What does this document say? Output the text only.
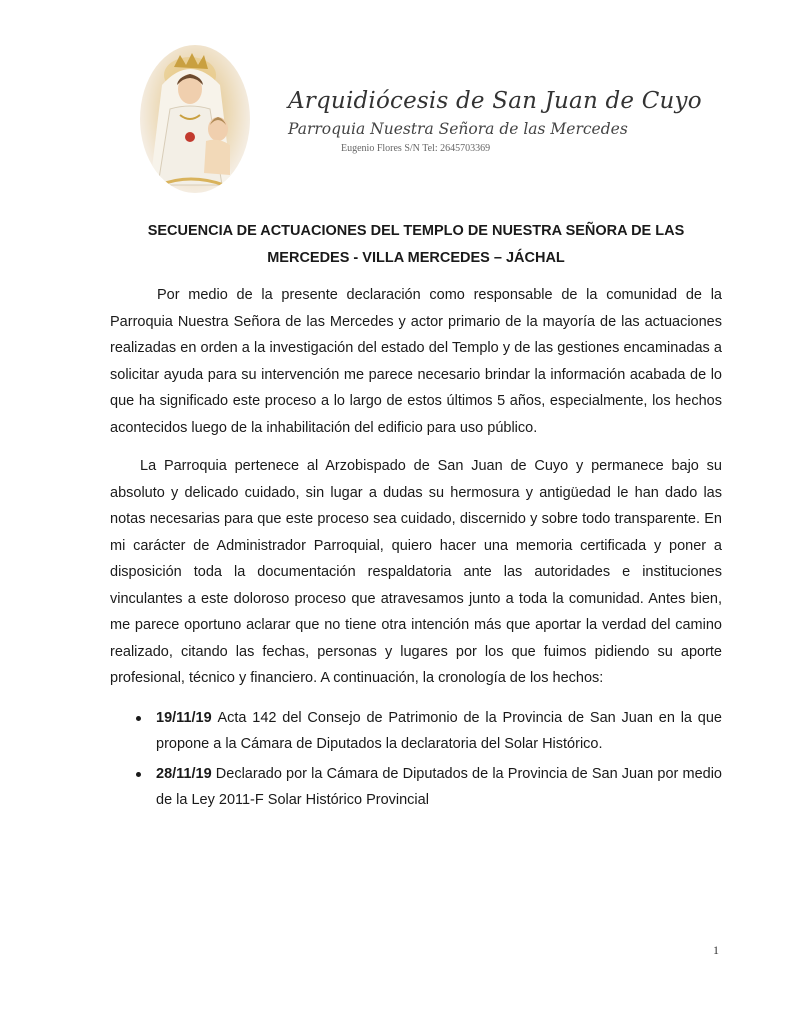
Arquidiócesis de San Juan de Cuyo
Parroquia Nuestra Señora de las Mercedes
Eugenio Flores S/N Tel: 2645703369
SECUENCIA DE ACTUACIONES DEL TEMPLO DE NUESTRA SEÑORA DE LAS MERCEDES - VILLA MERCEDES – JÁCHAL

Por medio de la presente declaración como responsable de la comunidad de la Parroquia Nuestra Señora de las Mercedes y actor primario de la mayoría de las actuaciones realizadas en orden a la investigación del estado del Templo y de las gestiones encaminadas a solicitar ayuda para su intervención me parece necesario brindar la información acabada de lo que ha significado este proceso a lo largo de estos últimos 5 años, especialmente, los hechos acontecidos luego de la inhabilitación del edificio para uso público.

La Parroquia pertenece al Arzobispado de San Juan de Cuyo y permanece bajo su absoluto y delicado cuidado, sin lugar a dudas su hermosura y antigüedad le han dado las notas necesarias para que este proceso sea cuidado, discernido y sobre todo transparente. En mi carácter de Administrador Parroquial, quiero hacer una memoria certificada y poner a disposición toda la documentación respaldatoria ante las autoridades e instituciones vinculantes a este doloroso proceso que atravesamos junto a toda la comunidad. Antes bien, me parece oportuno aclarar que no tiene otra intención más que aportar la verdad del camino realizado, citando las fechas, personas y lugares por los que fuimos pidiendo su aporte profesional, técnico y financiero. A continuación, la cronología de los hechos:

19/11/19 Acta 142 del Consejo de Patrimonio de la Provincia de San Juan en la que propone a la Cámara de Diputados la declaratoria del Solar Histórico.
28/11/19 Declarado por la Cámara de Diputados de la Provincia de San Juan por medio de la Ley 2011-F Solar Histórico Provincial
1
